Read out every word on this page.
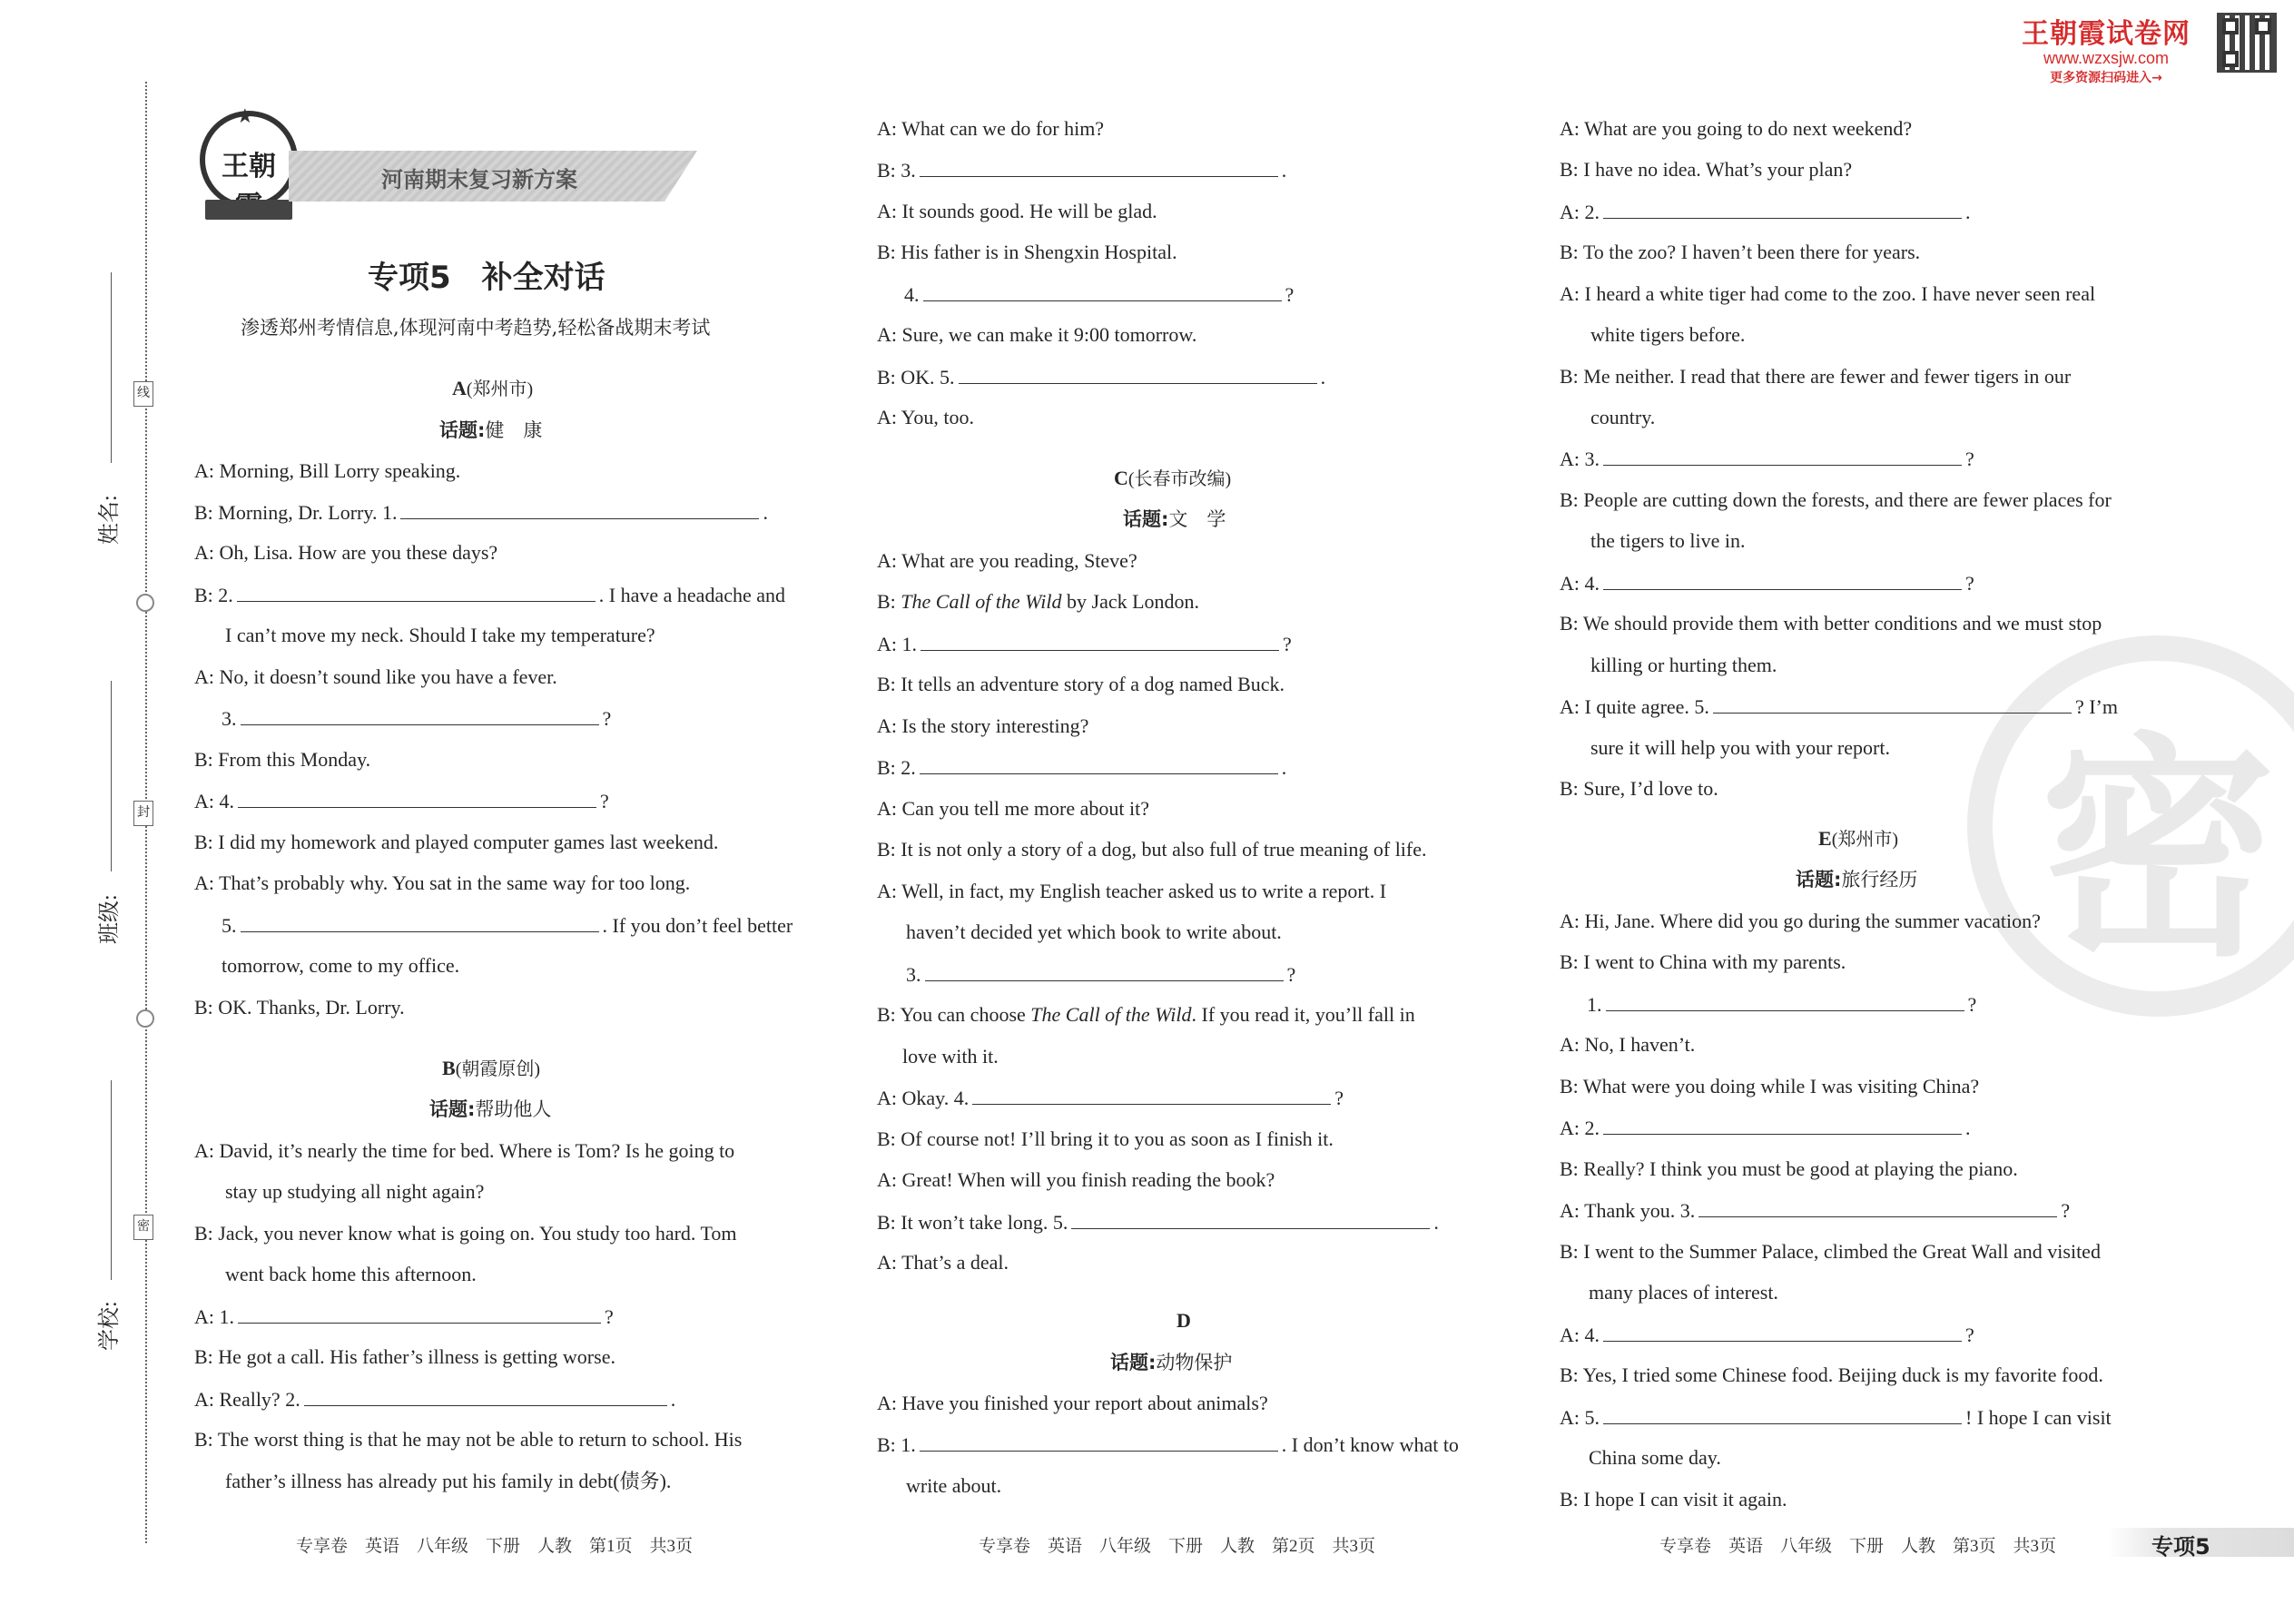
王朝霞试卷网
www.wzxsjw.com
更多资源扫码进入→
线
封
密
姓名:
班级:
学校:
★
王朝	河南期末复习新方案
专项5　补全对话
渗透郑州考情信息,体现河南中考趋势,轻松备战期末考试
密
A(郑州市)
话题:健　康
A: Morning, Bill Lorry speaking.
B: Morning, Dr. Lorry. 1.	.
A: Oh, Lisa. How are you these days?
B: 2.	. I have a headache and
I can’t move my neck. Should I take my temperature?
A: No, it doesn’t sound like you have a fever.
3.	?
B: From this Monday.
A: 4.	?
B: I did my homework and played computer games last weekend.
A: That’s probably why. You sat in the same way for too long.
5.	. If you don’t feel better
tomorrow, come to my office.
B: OK. Thanks, Dr. Lorry.
B(朝霞原创)
话题:帮助他人
A: David, it’s nearly the time for bed. Where is Tom? Is he going to
stay up studying all night again?
B: Jack, you never know what is going on. You study too hard. Tom
went back home this afternoon.
A: 1.	?
B: He got a call. His father’s illness is getting worse.
A: Really? 2.	.
B: The worst thing is that he may not be able to return to school. His
father’s illness has already put his family in debt(债务).
专享卷　英语　八年级　下册　人教　第1页　共3页
A: What can we do for him?
B: 3.	.
A: It sounds good. He will be glad.
B: His father is in Shengxin Hospital.
4.	?
A: Sure, we can make it 9:00 tomorrow.
B: OK. 5.	.
A: You, too.
C(长春市改编)
话题:文　学
A: What are you reading, Steve?
B: The Call of the Wild by Jack London.
A: 1.	?
B: It tells an adventure story of a dog named Buck.
A: Is the story interesting?
B: 2.	.
A: Can you tell me more about it?
B: It is not only a story of a dog, but also full of true meaning of life.
A: Well, in fact, my English teacher asked us to write a report. I
haven’t decided yet which book to write about.
3.	?
B: You can choose The Call of the Wild. If you read it, you’ll fall in
love with it.
A: Okay. 4.	?
B: Of course not! I’ll bring it to you as soon as I finish it.
A: Great! When will you finish reading the book?
B: It won’t take long. 5.	.
A: That’s a deal.
D
话题:动物保护
A: Have you finished your report about animals?
B: 1.	. I don’t know what to
write about.
专享卷　英语　八年级　下册　人教　第2页　共3页
A: What are you going to do next weekend?
B: I have no idea. What’s your plan?
A: 2.	.
B: To the zoo? I haven’t been there for years.
A: I heard a white tiger had come to the zoo. I have never seen real
white tigers before.
B: Me neither. I read that there are fewer and fewer tigers in our
country.
A: 3.	?
B: People are cutting down the forests, and there are fewer places for
the tigers to live in.
A: 4.	?
B: We should provide them with better conditions and we must stop
killing or hurting them.
A: I quite agree. 5.	? I’m
sure it will help you with your report.
B: Sure, I’d love to.
E(郑州市)
话题:旅行经历
A: Hi, Jane. Where did you go during the summer vacation?
B: I went to China with my parents.
1.	?
A: No, I haven’t.
B: What were you doing while I was visiting China?
A: 2.	.
B: Really? I think you must be good at playing the piano.
A: Thank you. 3.	?
B: I went to the Summer Palace, climbed the Great Wall and visited
many places of interest.
A: 4.	?
B: Yes, I tried some Chinese food. Beijing duck is my favorite food.
A: 5.	! I hope I can visit
China some day.
B: I hope I can visit it again.
专享卷　英语　八年级　下册　人教　第3页　共3页	专项5
